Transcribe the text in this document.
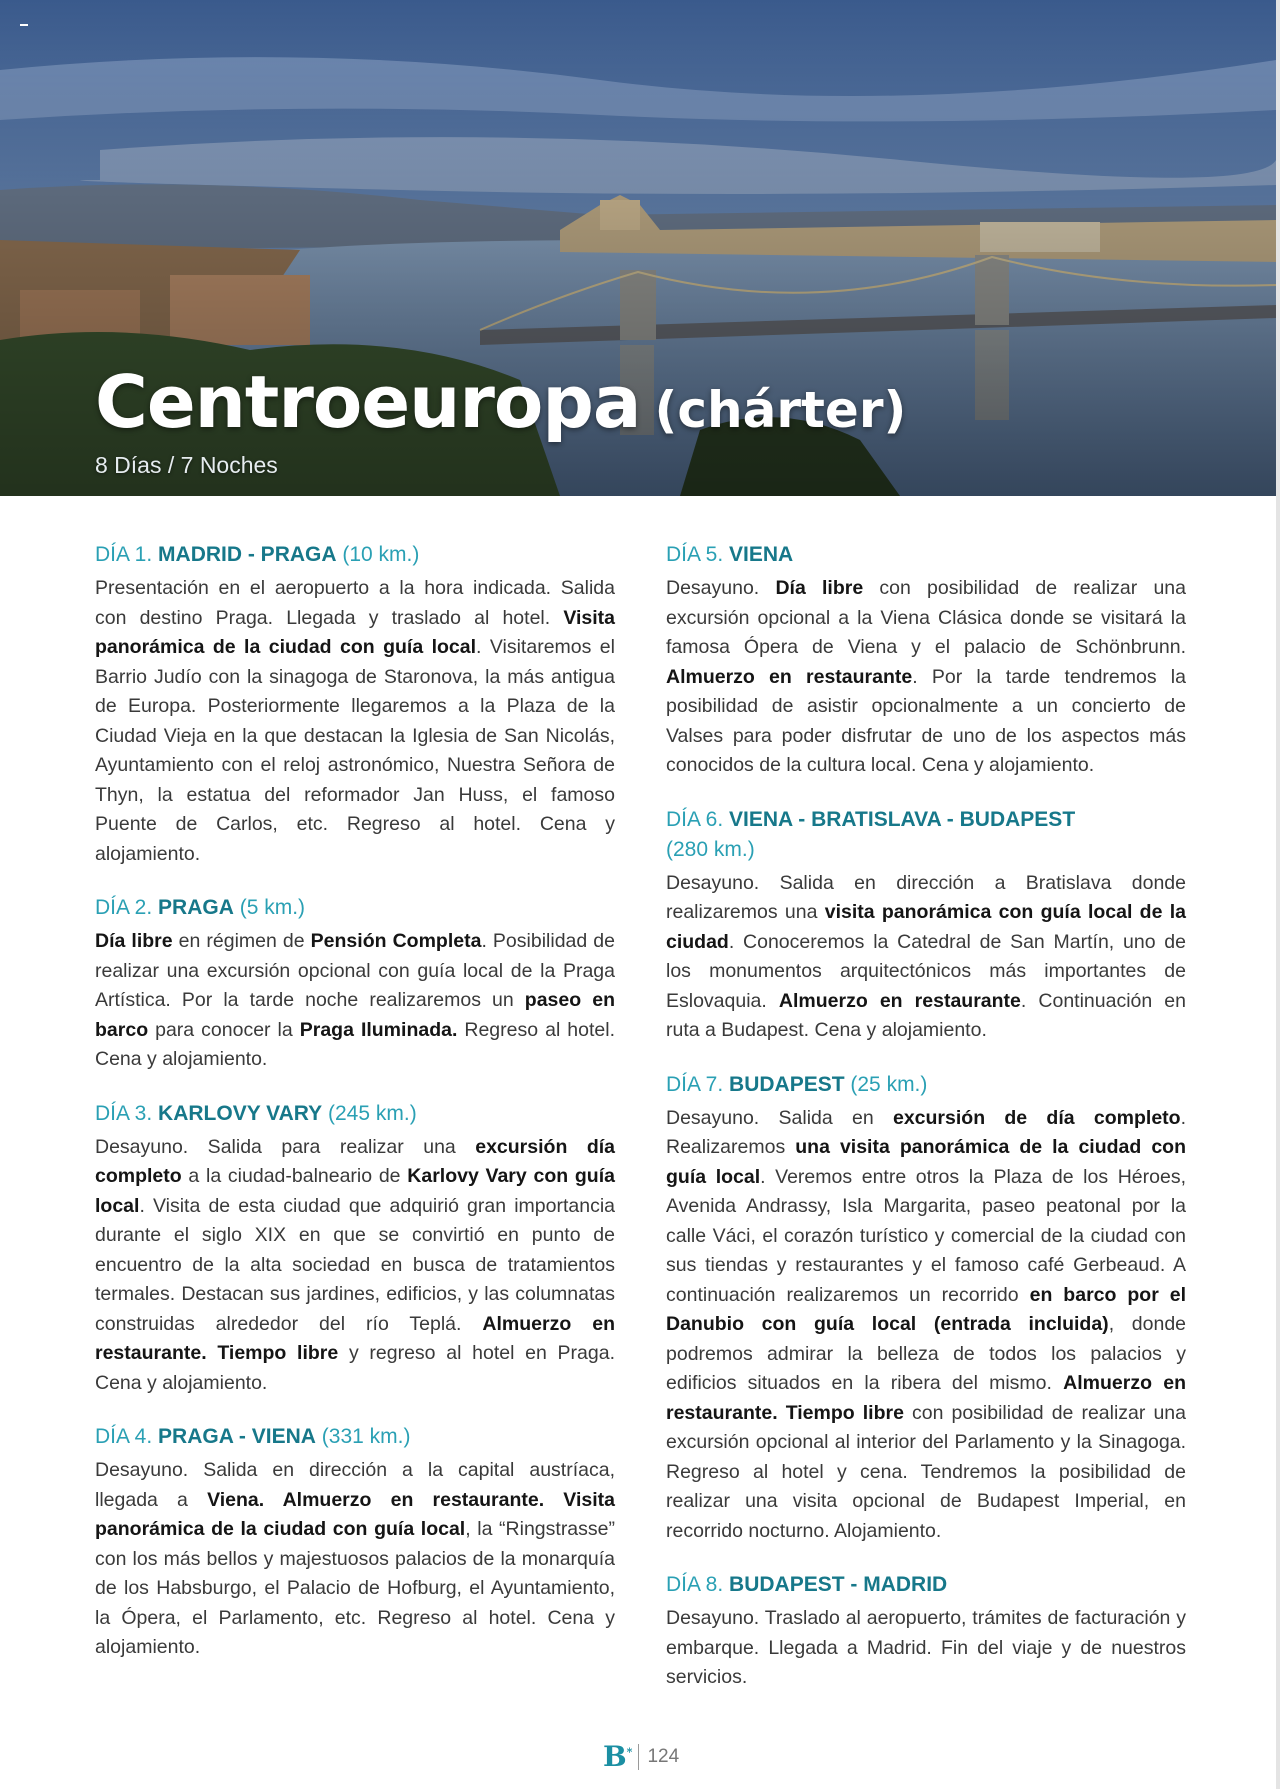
Centroeuropa (chárter)
8 Días / 7 Noches
DÍA 1. MADRID - PRAGA (10 km.)

Presentación en el aeropuerto a la hora indicada. Salida con destino Praga. Llegada y traslado al hotel. Visita panorámica de la ciudad con guía local. Visitaremos el Barrio Judío con la sinagoga de Staronova, la más antigua de Europa. Posteriormente llegaremos a la Plaza de la Ciudad Vieja en la que destacan la Iglesia de San Nicolás, Ayuntamiento con el reloj astronómico, Nuestra Señora de Thyn, la estatua del reformador Jan Huss, el famoso Puente de Carlos, etc. Regreso al hotel. Cena y alojamiento.

DÍA 2. PRAGA (5 km.)

Día libre en régimen de Pensión Completa. Posibilidad de realizar una excursión opcional con guía local de la Praga Artística. Por la tarde noche realizaremos un paseo en barco para conocer la Praga Iluminada. Regreso al hotel. Cena y alojamiento.

DÍA 3. KARLOVY VARY (245 km.)

Desayuno. Salida para realizar una excursión día completo a la ciudad-balneario de Karlovy Vary con guía local. Visita de esta ciudad que adquirió gran importancia durante el siglo XIX en que se convirtió en punto de encuentro de la alta sociedad en busca de tratamientos termales. Destacan sus jardines, edificios, y las columnatas construidas alrededor del río Teplá. Almuerzo en restaurante. Tiempo libre y regreso al hotel en Praga. Cena y alojamiento.

DÍA 4. PRAGA - VIENA (331 km.)

Desayuno. Salida en dirección a la capital austríaca, llegada a Viena. Almuerzo en restaurante. Visita panorámica de la ciudad con guía local, la “Ringstrasse” con los más bellos y majestuosos palacios de la monarquía de los Habsburgo, el Palacio de Hofburg, el Ayuntamiento, la Ópera, el Parlamento, etc. Regreso al hotel. Cena y alojamiento.

DÍA 5. VIENA

Desayuno. Día libre con posibilidad de realizar una excursión opcional a la Viena Clásica donde se visitará la famosa Ópera de Viena y el palacio de Schönbrunn. Almuerzo en restaurante. Por la tarde tendremos la posibilidad de asistir opcionalmente a un concierto de Valses para poder disfrutar de uno de los aspectos más conocidos de la cultura local. Cena y alojamiento.

DÍA 6. VIENA - BRATISLAVA - BUDAPEST
(280 km.)

Desayuno. Salida en dirección a Bratislava donde realizaremos una visita panorámica con guía local de la ciudad. Conoceremos la Catedral de San Martín, uno de los monumentos arquitectónicos más importantes de Eslovaquia. Almuerzo en restaurante. Continuación en ruta a Budapest. Cena y alojamiento.

DÍA 7. BUDAPEST (25 km.)

Desayuno. Salida en excursión de día completo. Realizaremos una visita panorámica de la ciudad con guía local. Veremos entre otros la Plaza de los Héroes, Avenida Andrassy, Isla Margarita, paseo peatonal por la calle Váci, el corazón turístico y comercial de la ciudad con sus tiendas y restaurantes y el famoso café Gerbeaud. A continuación realizaremos un recorrido en barco por el Danubio con guía local (entrada incluida), donde podremos admirar la belleza de todos los palacios y edificios situados en la ribera del mismo. Almuerzo en restaurante. Tiempo libre con posibilidad de realizar una excursión opcional al interior del Parlamento y la Sinagoga. Regreso al hotel y cena. Tendremos la posibilidad de realizar una visita opcional de Budapest Imperial, en recorrido nocturno. Alojamiento.

DÍA 8. BUDAPEST - MADRID

Desayuno. Traslado al aeropuerto, trámites de facturación y embarque. Llegada a Madrid. Fin del viaje y de nuestros servicios.

B* 124
